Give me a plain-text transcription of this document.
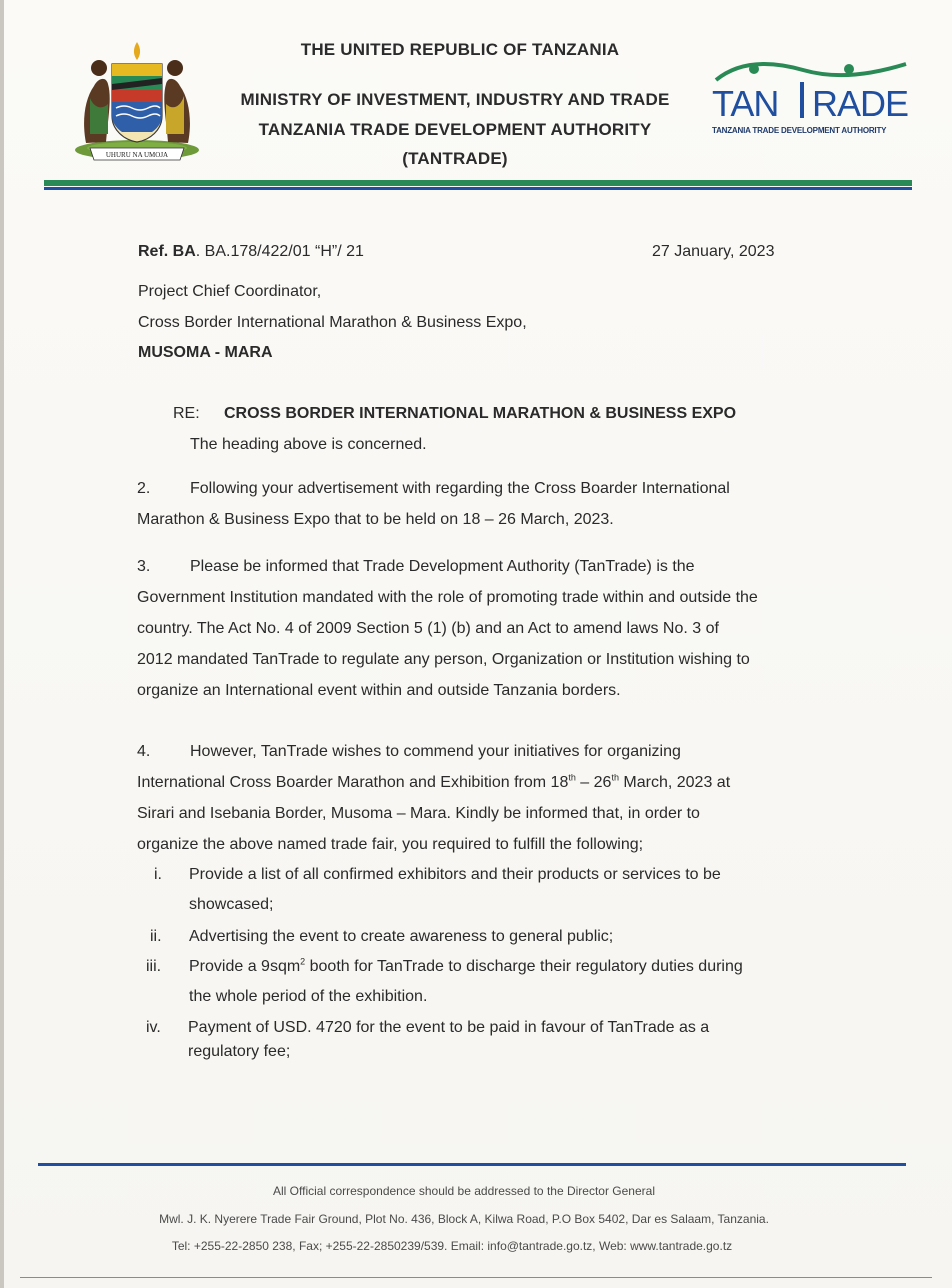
UHURU NA UMOJA
THE UNITED REPUBLIC OF TANZANIA
MINISTRY OF INVESTMENT, INDUSTRY AND TRADE
TANZANIA TRADE DEVELOPMENT AUTHORITY
(TANTRADE)
TAN RADE
TANZANIA TRADE DEVELOPMENT AUTHORITY
Ref. BA. BA.178/422/01 “H”/ 21	27 January, 2023
Project Chief Coordinator,
Cross Border International Marathon & Business Expo,
MUSOMA - MARA
RE: CROSS BORDER INTERNATIONAL MARATHON & BUSINESS EXPO
The heading above is concerned.
2. Following your advertisement with regarding the Cross Boarder International
Marathon & Business Expo that to be held on 18 – 26 March, 2023.
3. Please be informed that Trade Development Authority (TanTrade) is the
Government Institution mandated with the role of promoting trade within and outside the
country. The Act No. 4 of 2009 Section 5 (1) (b) and an Act to amend laws No. 3 of
2012 mandated TanTrade to regulate any person, Organization or Institution wishing to
organize an International event within and outside Tanzania borders.
4. However, TanTrade wishes to commend your initiatives for organizing
International Cross Boarder Marathon and Exhibition from 18th – 26th March, 2023 at
Sirari and Isebania Border, Musoma – Mara. Kindly be informed that, in order to
organize the above named trade fair, you required to fulfill the following;
i. Provide a list of all confirmed exhibitors and their products or services to be
showcased;
ii. Advertising the event to create awareness to general public;
iii. Provide a 9sqm$^2$ booth for TanTrade to discharge their regulatory duties during
the whole period of the exhibition.
iv. Payment of USD. 4720 for the event to be paid in favour of TanTrade as a
regulatory fee;
All Official correspondence should be addressed to the Director General
Mwl. J. K. Nyerere Trade Fair Ground, Plot No. 436, Block A, Kilwa Road, P.O Box 5402, Dar es Salaam, Tanzania.
Tel: +255-22-2850 238, Fax; +255-22-2850239/539. Email: info@tantrade.go.tz, Web: www.tantrade.go.tz
